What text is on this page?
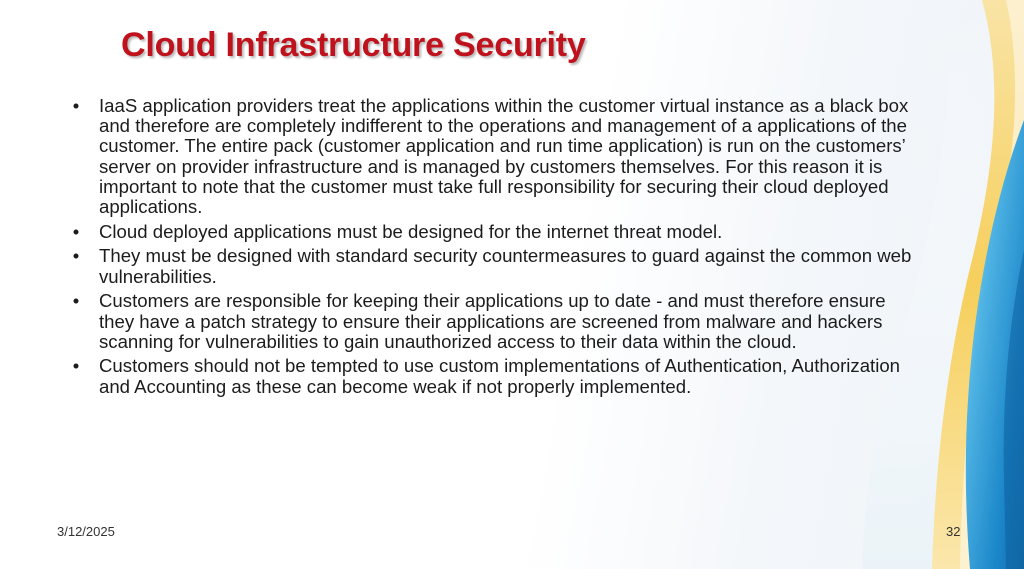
Cloud Infrastructure Security
•	IaaS application providers treat the applications within the customer virtual instance as a black box and therefore are completely indifferent to the operations and management of a applications of the customer. The entire pack (customer application and run time application) is run on the customers’ server on provider infrastructure and is managed by customers themselves. For this reason it is important to note that the customer must take full responsibility for securing their cloud deployed applications.
•	Cloud deployed applications must be designed for the internet threat model.
•	They must be designed with standard security countermeasures to guard against the common web vulnerabilities.
•	Customers are responsible for keeping their applications up to date - and must therefore ensure they have a patch strategy to ensure their applications are screened from malware and hackers scanning for vulnerabilities to gain unauthorized access to their data within the cloud.
•	Customers should not be tempted to use custom implementations of Authentication, Authorization and Accounting as these can become weak if not properly implemented.
3/12/2025	32
